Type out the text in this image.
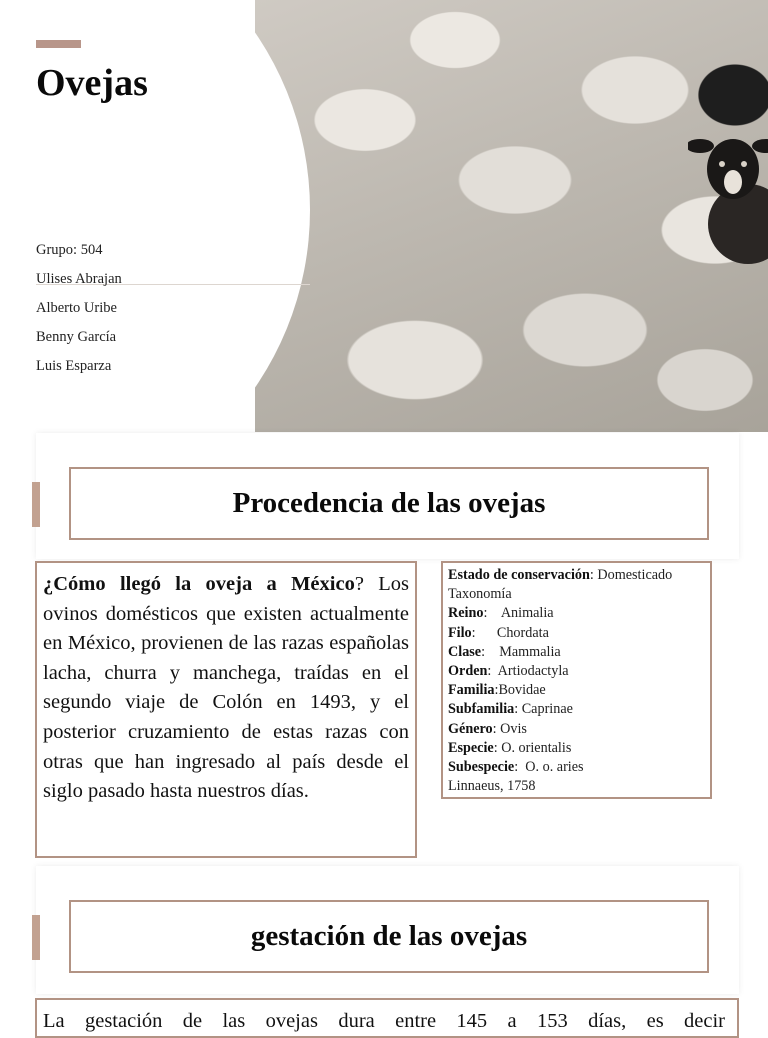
Ovejas
Grupo: 504
Ulises Abrajan
Alberto Uribe
Benny García
Luis Esparza
Procedencia de las ovejas

¿Cómo llegó la oveja a México? Los ovinos domésticos que existen actualmente en México, provienen de las razas españolas lacha, churra y manchega, traídas en el segundo viaje de Colón en 1493, y el posterior cruzamiento de estas razas con otras que han ingresado al país desde el siglo pasado hasta nuestros días.

Estado de conservación: Domesticado
Taxonomía
Reino:    Animalia
Filo:      Chordata
Clase:    Mammalia
Orden:  Artiodactyla
Familia:Bovidae
Subfamilia: Caprinae
Género: Ovis
Especie: O. orientalis
Subespecie:  O. o. aries
Linnaeus, 1758
gestación de las ovejas

La gestación de las ovejas dura entre 145 a 153 días, es decir
